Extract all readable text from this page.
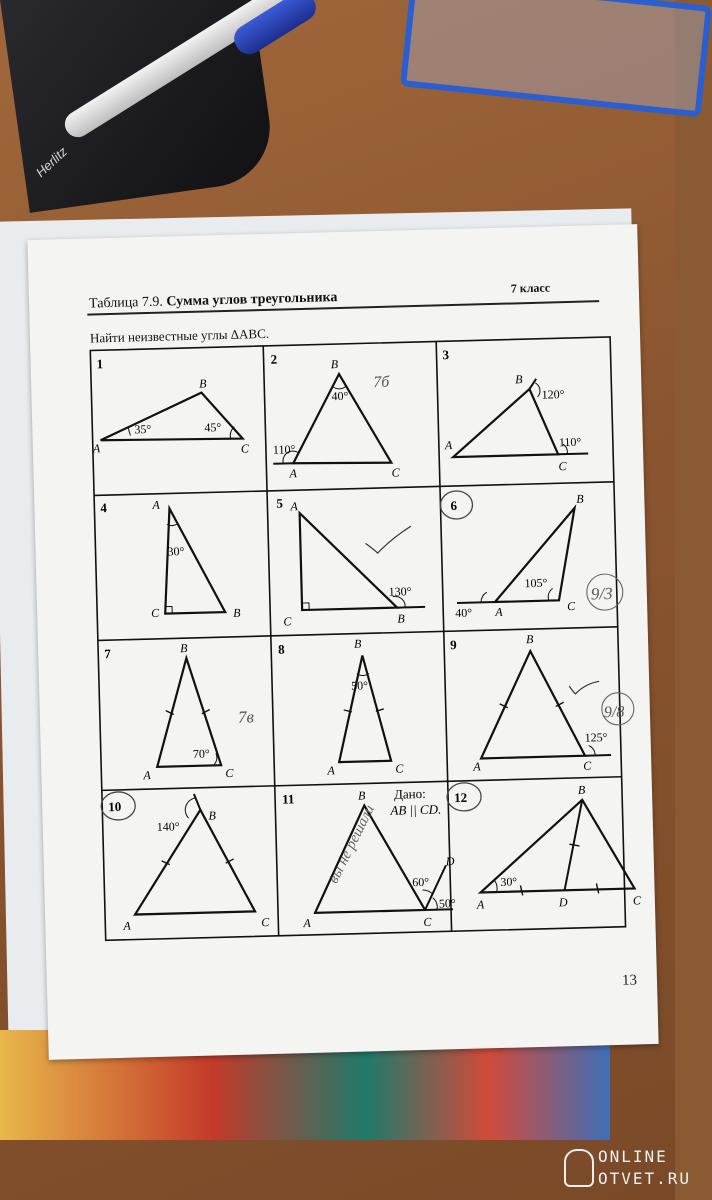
Herlitz
Таблица 7.9. Сумма углов треугольника
7 класс
Найти неизвестные углы ΔABC.
1
A
B
C
35°	45°
2
A
B
C
40°
110°
7б
3
A
B
C
120°
110°
4	A
B
C
30°
5 A
B
C
130°
6
A
B
C
105°
40°
9/3
7
A
B
C
70°
7в
8
A
B
C
50°
9
A
B
C
125°
9/8
10
A
B
C
140°
11
A
B
C
D
60°
50°
Дано:
AB || CD.
вы не решали
12
A
B
C
D
30°
13
ONLINE
OTVET.RU
